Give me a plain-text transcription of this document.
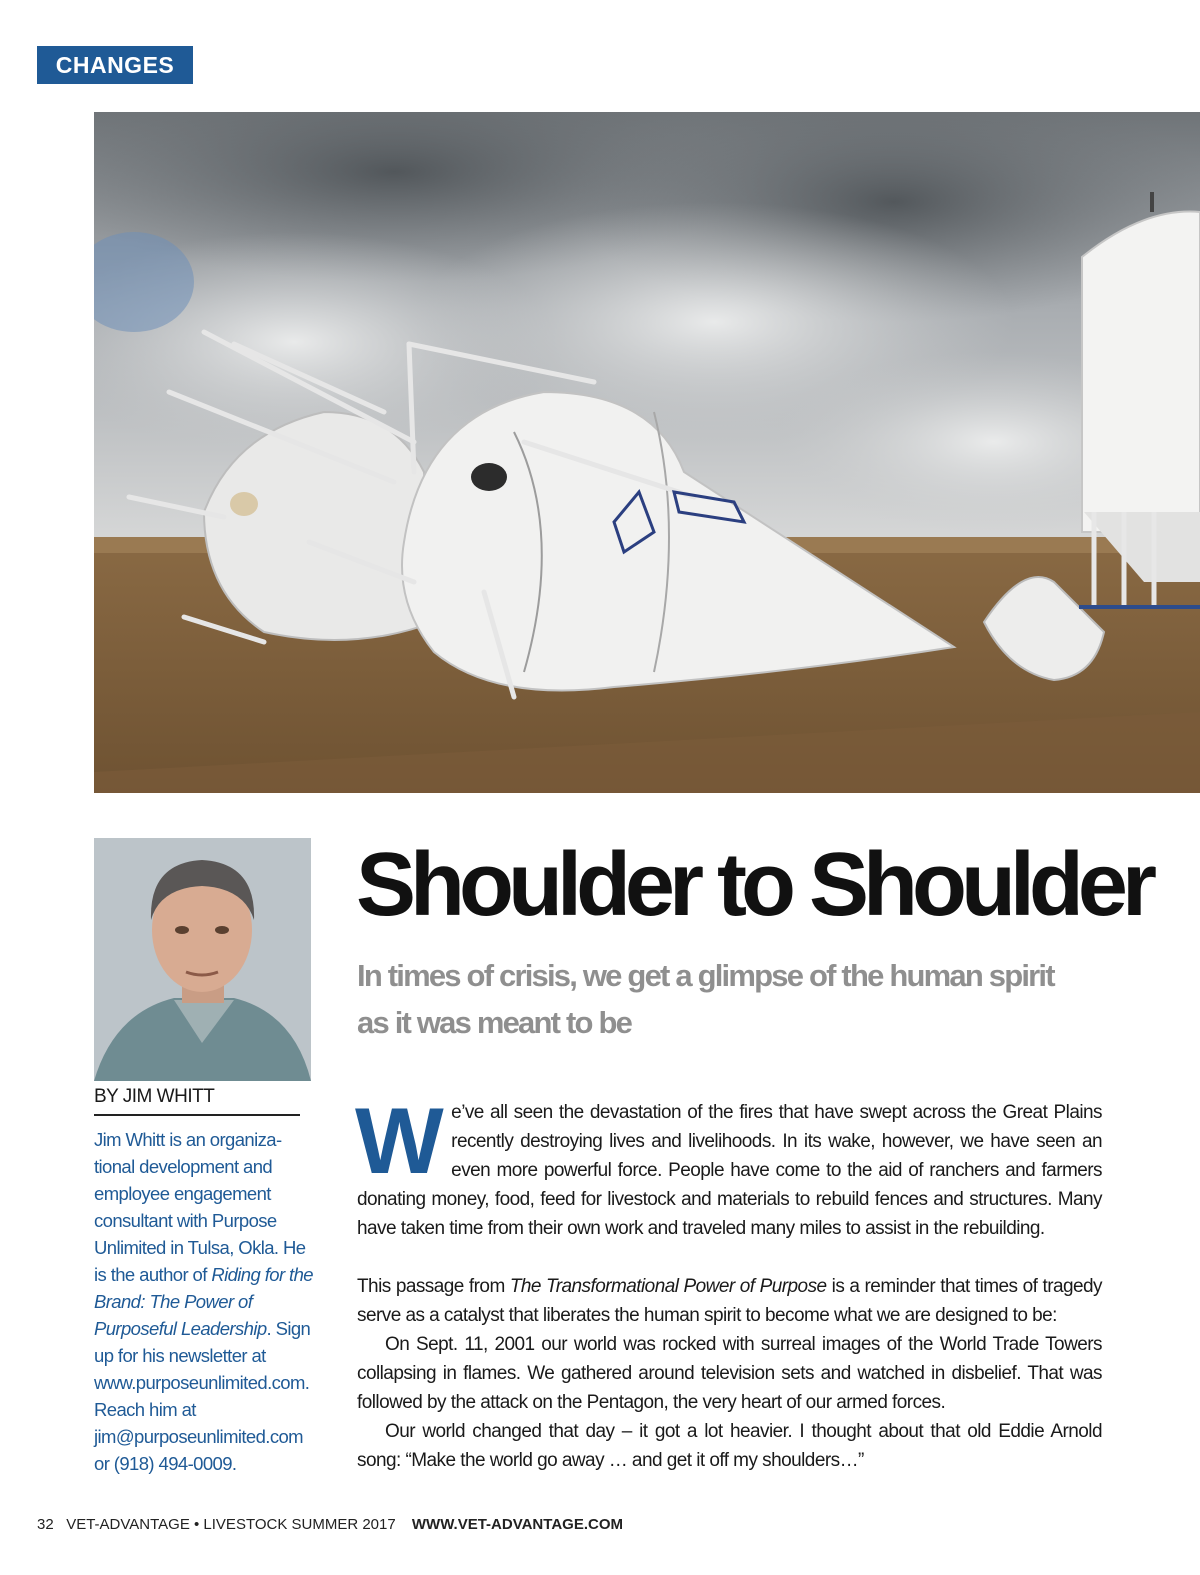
CHANGES
BY JIM WHITT
Jim Whitt is an organiza-tional development and employee engagement consultant with Purpose Unlimited in Tulsa, Okla. He is the author of Riding for the Brand: The Power of Purposeful Leadership. Sign up for his newsletter at www.purposeunlimited.com. Reach him at jim@purposeunlimited.com or (918) 494-0009.
Shoulder to Shoulder
In times of crisis, we get a glimpse of the human spirit
as it was meant to be

We’ve all seen the devastation of the fires that have swept across the Great Plains recently destroying lives and livelihoods. In its wake, however, we have seen an even more powerful force. People have come to the aid of ranchers and farmers donating money, food, feed for livestock and materials to rebuild fences and structures. Many have taken time from their own work and traveled many miles to assist in the rebuilding.

This passage from The Transformational Power of Purpose is a reminder that times of tragedy serve as a catalyst that liberates the human spirit to become what we are designed to be:

On Sept. 11, 2001 our world was rocked with surreal images of the World Trade Towers collapsing in flames. We gathered around television sets and watched in disbelief. That was followed by the attack on the Pentagon, the very heart of our armed forces.

Our world changed that day – it got a lot heavier. I thought about that old Eddie Arnold song: “Make the world go away … and get it off my shoulders…”

32 VET-ADVANTAGE • LIVESTOCK SUMMER 2017 WWW.VET-ADVANTAGE.COM
